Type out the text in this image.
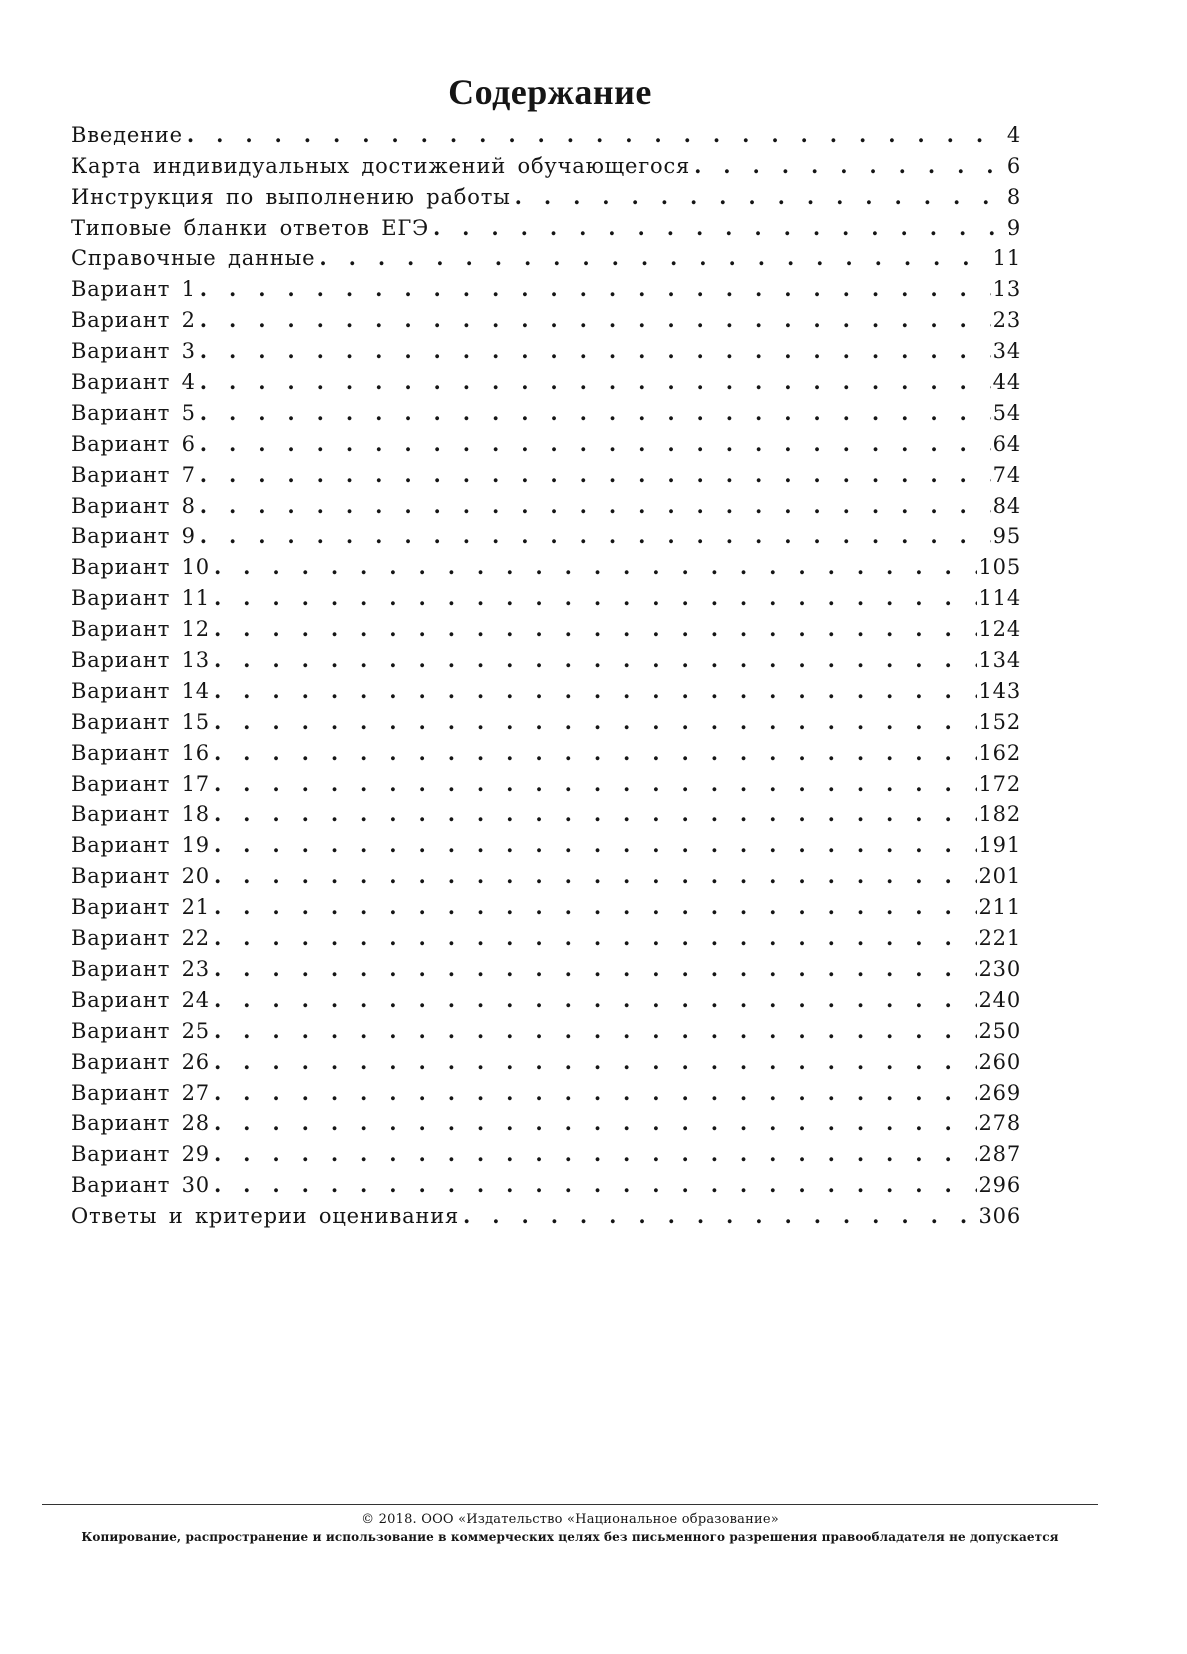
Содержание
Введение . . .	4
Карта индивидуальных достижений обучающегося . . .	6
Инструкция по выполнению работы . . .	8
Типовые бланки ответов ЕГЭ . . .	9
Справочные данные . . .	11
Вариант 1 . . .	13
Вариант 2 . . .	23
Вариант 3 . . .	34
Вариант 4 . . .	44
Вариант 5 . . .	54
Вариант 6 . . .	64
Вариант 7 . . .	74
Вариант 8 . . .	84
Вариант 9 . . .	95
Вариант 10 . . .	105
Вариант 11 . . .	114
Вариант 12 . . .	124
Вариант 13 . . .	134
Вариант 14 . . .	143
Вариант 15 . . .	152
Вариант 16 . . .	162
Вариант 17 . . .	172
Вариант 18 . . .	182
Вариант 19 . . .	191
Вариант 20 . . .	201
Вариант 21 . . .	211
Вариант 22 . . .	221
Вариант 23 . . .	230
Вариант 24 . . .	240
Вариант 25 . . .	250
Вариант 26 . . .	260
Вариант 27 . . .	269
Вариант 28 . . .	278
Вариант 29 . . .	287
Вариант 30 . . .	296
Ответы и критерии оценивания . . .	306
© 2018. ООО «Издательство «Национальное образование»
Копирование, распространение и использование в коммерческих целях без письменного разрешения правообладателя не допускается
